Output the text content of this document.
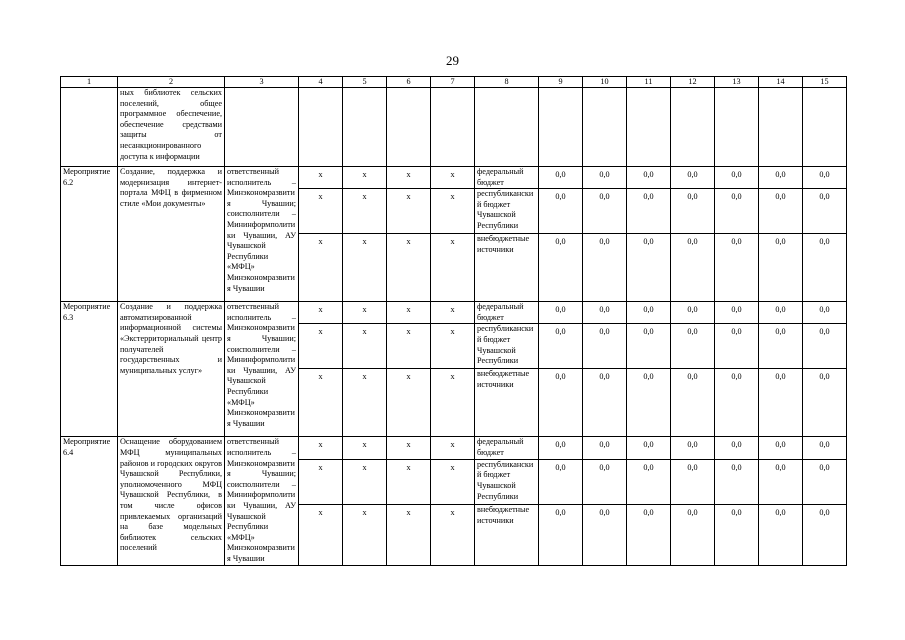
29
1	2	3	4	5	6	7	8	9	10	11	12	13	14	15
	ных библиотек сельских поселений, общее программное обеспечение, обеспечение средствами защиты от несанкционированного доступа к информации													
Мероприятие 6.2	Создание, поддержка и модернизация интернет-портала МФЦ в фирменном стиле «Мои документы»	ответственный исполнитель – Минэкономразвития Чувашии; соисполнители – Мининформполитики Чувашии, АУ Чувашской Республики «МФЦ» Минэкономразвития Чувашии	х	х	х	х	федеральный бюджет	0,0	0,0	0,0	0,0	0,0	0,0	0,0
			х	х	х	х	республиканский бюджет Чувашской Республики	0,0	0,0	0,0	0,0	0,0	0,0	0,0
			х	х	х	х	внебюджетные источники	0,0	0,0	0,0	0,0	0,0	0,0	0,0
Мероприятие 6.3	Создание и поддержка автоматизированной информационной системы «Экстерриториальный центр получателей государственных и муниципальных услуг»	ответственный исполнитель – Минэкономразвития Чувашии; соисполнители – Мининформполитики Чувашии, АУ Чувашской Республики «МФЦ» Минэкономразвития Чувашии	х	х	х	х	федеральный бюджет	0,0	0,0	0,0	0,0	0,0	0,0	0,0
			х	х	х	х	республиканский бюджет Чувашской Республики	0,0	0,0	0,0	0,0	0,0	0,0	0,0
			х	х	х	х	внебюджетные источники	0,0	0,0	0,0	0,0	0,0	0,0	0,0
Мероприятие 6.4	Оснащение оборудованием МФЦ муниципальных районов и городских округов Чувашской Республики, уполномоченного МФЦ Чувашской Республики, в том числе офисов привлекаемых организаций на базе модельных библиотек сельских поселений	ответственный исполнитель – Минэкономразвития Чувашии; соисполнители – Мининформполитики Чувашии, АУ Чувашской Республики «МФЦ» Минэкономразвития Чувашии	х	х	х	х	федеральный бюджет	0,0	0,0	0,0	0,0	0,0	0,0	0,0
			х	х	х	х	республиканский бюджет Чувашской Республики	0,0	0,0	0,0	0,0	0,0	0,0	0,0
			х	х	х	х	внебюджетные источники	0,0	0,0	0,0	0,0	0,0	0,0	0,0
